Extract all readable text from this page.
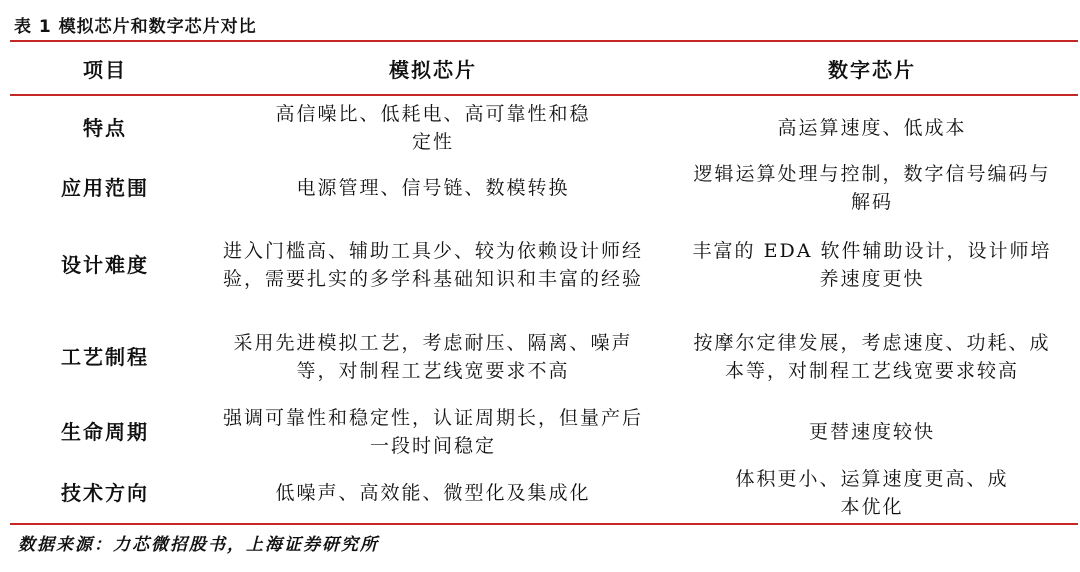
表 1 模拟芯片和数字芯片对比
项目	模拟芯片	数字芯片
特点	高信噪比、低耗电、高可靠性和稳定性	高运算速度、低成本
应用范围	电源管理、信号链、数模转换	逻辑运算处理与控制，数字信号编码与解码
设计难度	进入门槛高、辅助工具少、较为依赖设计师经验，需要扎实的多学科基础知识和丰富的经验	丰富的 EDA 软件辅助设计，设计师培养速度更快
工艺制程	采用先进模拟工艺，考虑耐压、隔离、噪声等，对制程工艺线宽要求不高	按摩尔定律发展，考虑速度、功耗、成本等，对制程工艺线宽要求较高
生命周期	强调可靠性和稳定性，认证周期长，但量产后一段时间稳定	更替速度较快
技术方向	低噪声、高效能、微型化及集成化	体积更小、运算速度更高、成本优化
数据来源：力芯微招股书，上海证券研究所
